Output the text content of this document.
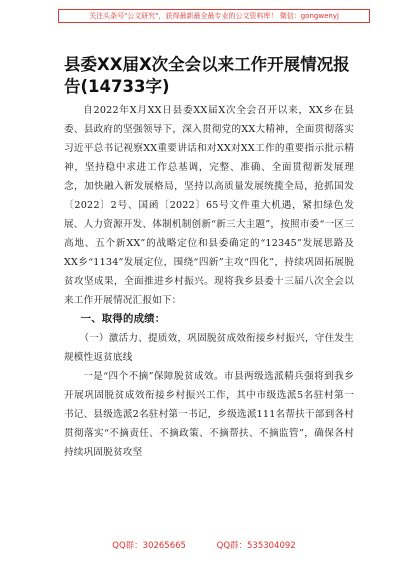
关注头条号"公文研究"，获得最新最全最专业的公文资料库！ 微信：gongwenyj
县委XX届X次全会以来工作开展情况报告(14733字)

自2022年X月XX日县委XX届X次全会召开以来，XX乡在县委、县政府的坚强领导下，深入贯彻党的XX大精神，全面贯彻落实习近平总书记视察XX重要讲话和对XX对XX工作的重要指示批示精神，坚持稳中求进工作总基调，完整、准确、全面贯彻新发展理念，加快融入新发展格局，坚持以高质量发展统揽全局，抢抓国发〔2022〕2号、国函〔2022〕65号文件重大机遇，紧扣绿色发展、人力资源开发、体制机制创新“新三大主题”，按照市委“一区三高地、五个新XX”的战略定位和县委确定的“12345”发展思路及XX乡“1134”发展定位，围绕“四新”主攻“四化”，持续巩固拓展脱贫攻坚成果，全面推进乡村振兴。现将我乡县委十三届八次全会以来工作开展情况汇报如下：

一、取得的成绩：

（一）激活力、提质效，巩固脱贫成效衔接乡村振兴，守住发生规模性返贫底线

一是“四个不摘”保障脱贫成效。市县两级选派精兵强将到我乡开展巩固脱贫成效衔接乡村振兴工作，其中市级选派5名驻村第一书记、县级选派2名驻村第一书记，乡级选派111名帮扶干部到各村贯彻落实“不摘责任、不摘政策、不摘帮扶、不摘监管”，确保各村持续巩固脱贫攻坚

QQ群：30265665	QQ群：535304092
